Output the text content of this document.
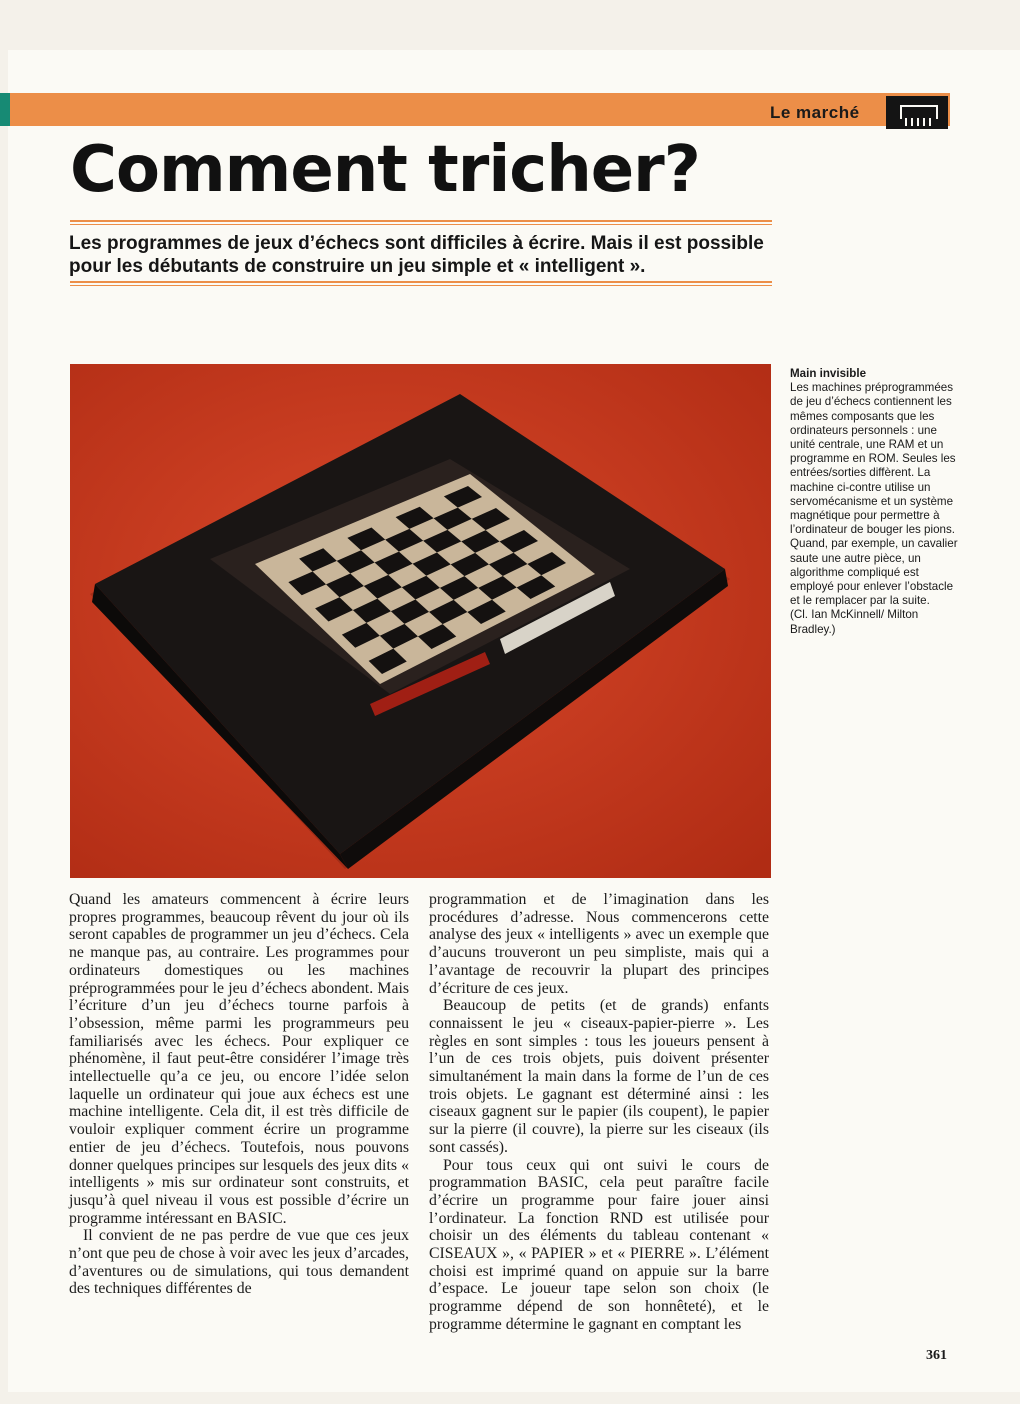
Le marché
Comment tricher?

Les programmes de jeux d’échecs sont difficiles à écrire. Mais il est possible pour les débutants de construire un jeu simple et « intelligent ».

Main invisible

Les machines préprogrammées de jeu d’échecs contiennent les mêmes composants que les ordinateurs personnels : une unité centrale, une RAM et un programme en ROM. Seules les entrées/sorties diffèrent. La machine ci-contre utilise un servomécanisme et un système magnétique pour permettre à l’ordinateur de bouger les pions. Quand, par exemple, un cavalier saute une autre pièce, un algorithme compliqué est employé pour enlever l’obstacle et le remplacer par la suite.

(Cl. Ian McKinnell/ Milton Bradley.)

Quand les amateurs commencent à écrire leurs propres programmes, beaucoup rêvent du jour où ils seront capables de programmer un jeu d’échecs. Cela ne manque pas, au contraire. Les programmes pour ordinateurs domestiques ou les machines préprogrammées pour le jeu d’échecs abondent. Mais l’écriture d’un jeu d’échecs tourne parfois à l’obsession, même parmi les programmeurs peu familiarisés avec les échecs. Pour expliquer ce phénomène, il faut peut-être considérer l’image très intellectuelle qu’a ce jeu, ou encore l’idée selon laquelle un ordinateur qui joue aux échecs est une machine intelligente. Cela dit, il est très difficile de vouloir expliquer comment écrire un programme entier de jeu d’échecs. Toutefois, nous pouvons donner quelques principes sur lesquels des jeux dits « intelligents » mis sur ordinateur sont construits, et jusqu’à quel niveau il vous est possible d’écrire un programme intéressant en BASIC.

Il convient de ne pas perdre de vue que ces jeux n’ont que peu de chose à voir avec les jeux d’arcades, d’aventures ou de simulations, qui tous demandent des techniques différentes de

programmation et de l’imagination dans les procédures d’adresse. Nous commencerons cette analyse des jeux « intelligents » avec un exemple que d’aucuns trouveront un peu simpliste, mais qui a l’avantage de recouvrir la plupart des principes d’écriture de ces jeux.

Beaucoup de petits (et de grands) enfants connaissent le jeu « ciseaux-papier-pierre ». Les règles en sont simples : tous les joueurs pensent à l’un de ces trois objets, puis doivent présenter simultanément la main dans la forme de l’un de ces trois objets. Le gagnant est déterminé ainsi : les ciseaux gagnent sur le papier (ils coupent), le papier sur la pierre (il couvre), la pierre sur les ciseaux (ils sont cassés).

Pour tous ceux qui ont suivi le cours de programmation BASIC, cela peut paraître facile d’écrire un programme pour faire jouer ainsi l’ordinateur. La fonction RND est utilisée pour choisir un des éléments du tableau contenant « CISEAUX », « PAPIER » et « PIERRE ». L’élément choisi est imprimé quand on appuie sur la barre d’espace. Le joueur tape selon son choix (le programme dépend de son honnêteté), et le programme détermine le gagnant en comptant les

361
